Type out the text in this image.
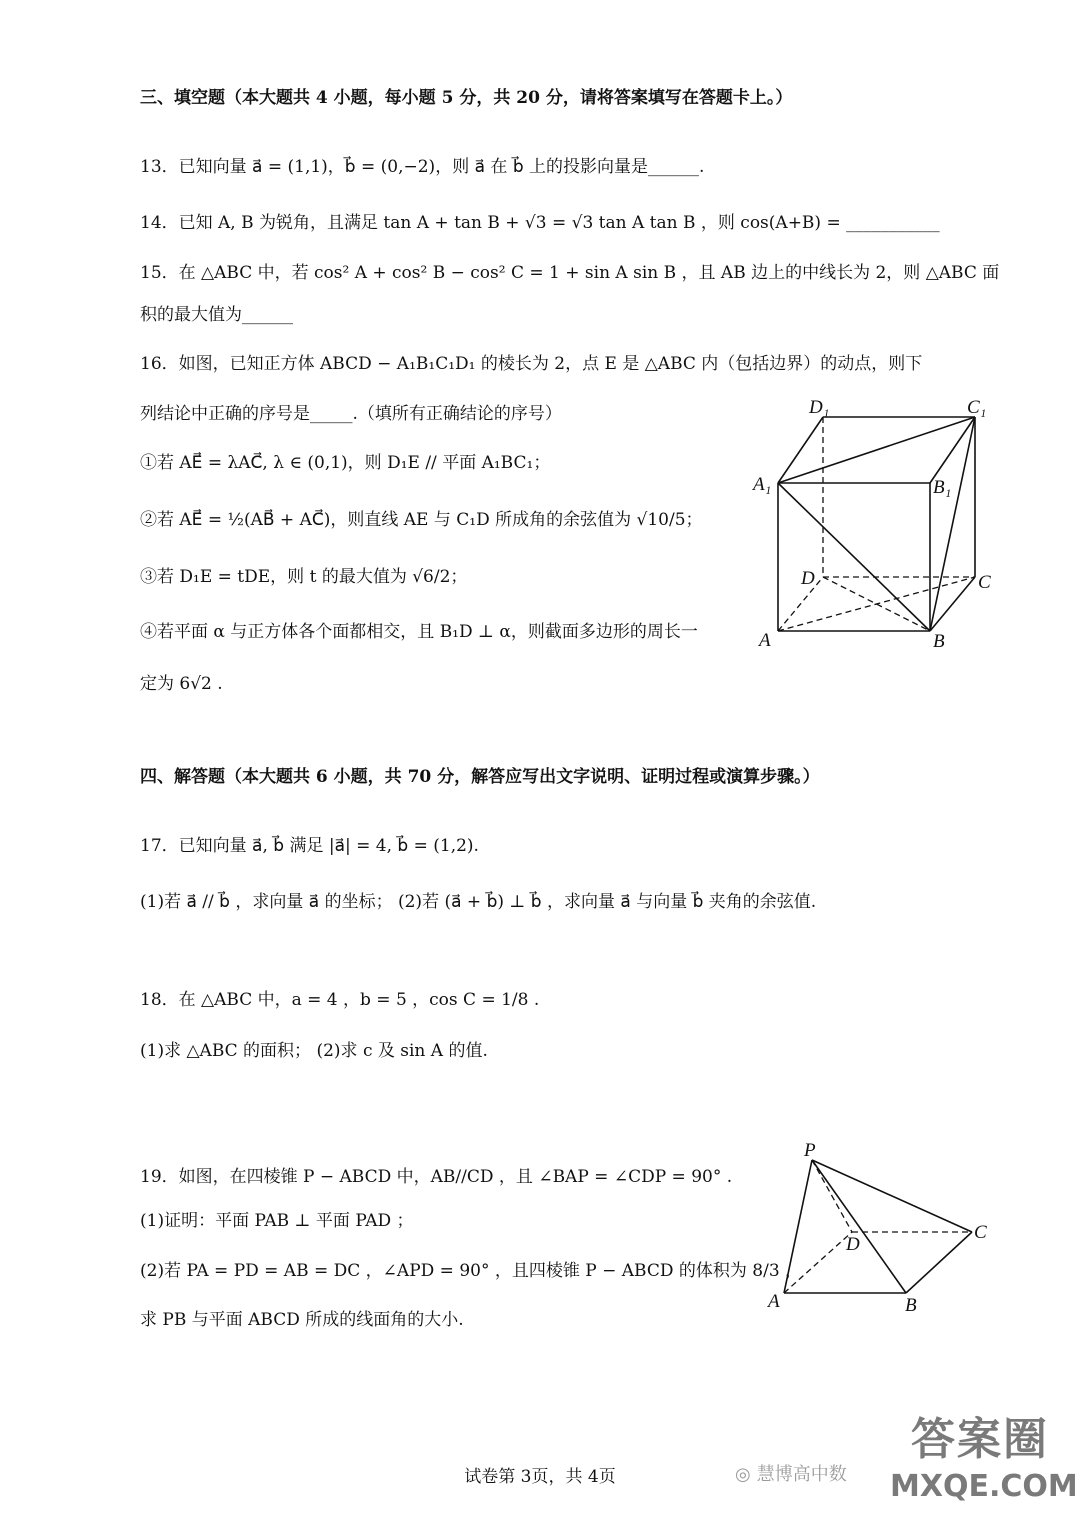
三、填空题（本大题共 4 小题，每小题 5 分，共 20 分，请将答案填写在答题卡上。）
13．已知向量 a⃗ = (1,1)，b⃗ = (0,−2)，则 a⃗ 在 b⃗ 上的投影向量是______.
14．已知 A, B 为锐角，且满足 tan A + tan B + √3 = √3 tan A tan B ，则 cos(A+B) = ___________
15．在 △ABC 中，若 cos² A + cos² B − cos² C = 1 + sin A sin B ，且 AB 边上的中线长为 2，则 △ABC 面
积的最大值为______
16．如图，已知正方体 ABCD − A₁B₁C₁D₁ 的棱长为 2，点 E 是 △ABC 内（包括边界）的动点，则下
列结论中正确的序号是_____.（填所有正确结论的序号）
①若 AE⃗ = λAC⃗, λ ∈ (0,1)，则 D₁E // 平面 A₁BC₁；
②若 AE⃗ = ½(AB⃗ + AC⃗)，则直线 AE 与 C₁D 所成角的余弦值为 √10/5；
③若 D₁E = tDE，则 t 的最大值为 √6/2；
④若平面 α 与正方体各个面都相交，且 B₁D ⊥ α，则截面多边形的周长一
定为 6√2 .
D₁	C₁
A₁	B₁
D	C
A	B
四、解答题（本大题共 6 小题，共 70 分，解答应写出文字说明、证明过程或演算步骤。）
17．已知向量 a⃗, b⃗ 满足 |a⃗| = 4, b⃗ = (1,2).
(1)若 a⃗ // b⃗ ，求向量 a⃗ 的坐标； (2)若 (a⃗ + b⃗) ⊥ b⃗ ，求向量 a⃗ 与向量 b⃗ 夹角的余弦值.
18．在 △ABC 中，a = 4 ，b = 5 ，cos C = 1/8 .
(1)求 △ABC 的面积； (2)求 c 及 sin A 的值.
19．如图，在四棱锥 P − ABCD 中，AB//CD ，且 ∠BAP = ∠CDP = 90° .
(1)证明：平面 PAB ⊥ 平面 PAD ；
(2)若 PA = PD = AB = DC ，∠APD = 90° ，且四棱锥 P − ABCD 的体积为 8/3 ，
求 PB 与平面 ABCD 所成的线面角的大小.
P
D
C
A	B
试卷第 3页，共 4页	◎ 慧博高中数
答案圈
MXQE.COM
